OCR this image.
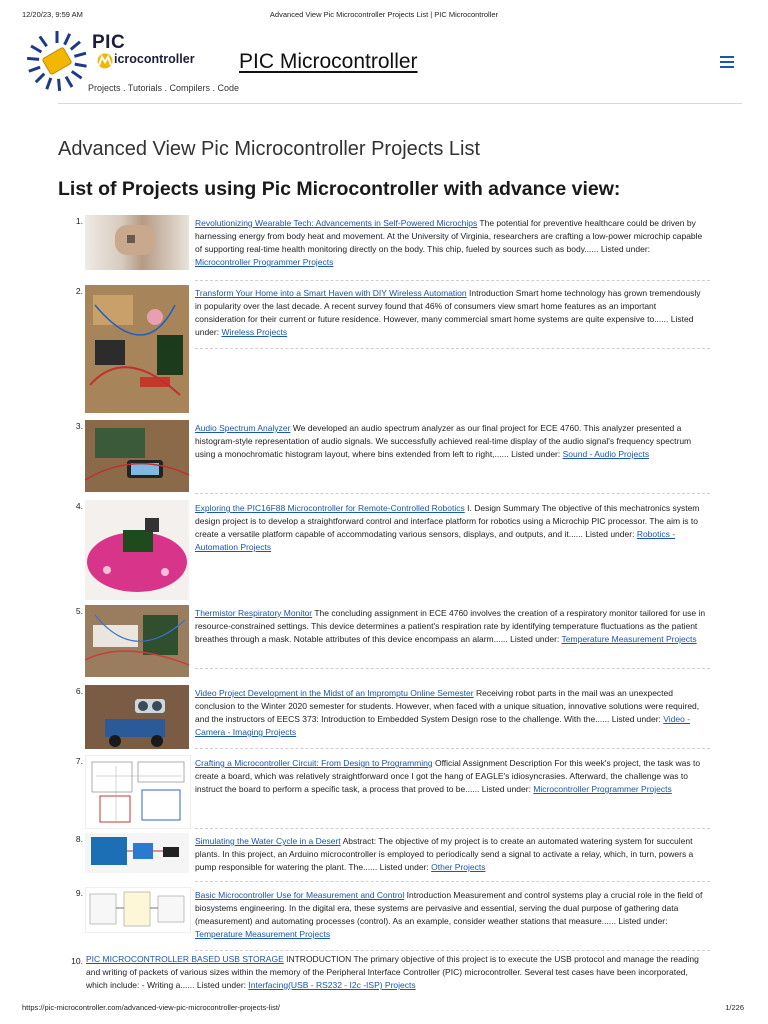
12/20/23, 9:59 AM	Advanced View Pic Microcontroller Projects List | PIC Microcontroller
PIC
icrocontroller
Projects . Tutorials . Compilers . Code
PIC Microcontroller
Advanced View Pic Microcontroller Projects List
List of Projects using Pic Microcontroller with advance view:
1.	Revolutionizing Wearable Tech: Advancements in Self-Powered Microchips The potential for preventive healthcare could be driven by harnessing energy from body heat and movement. At the University of Virginia, researchers are crafting a low-power microchip capable of supporting real-time health monitoring directly on the body. This chip, fueled by sources such as body...... Listed under: Microcontroller Programmer Projects
2.	Transform Your Home into a Smart Haven with DIY Wireless Automation Introduction Smart home technology has grown tremendously in popularity over the last decade. A recent survey found that 46% of consumers view smart home features as an important consideration for their current or future residence. However, many commercial smart home systems are quite expensive to...... Listed under: Wireless Projects
3.	Audio Spectrum Analyzer We developed an audio spectrum analyzer as our final project for ECE 4760. This analyzer presented a histogram-style representation of audio signals. We successfully achieved real-time display of the audio signal's frequency spectrum using a monochromatic histogram layout, where bins extended from left to right,...... Listed under: Sound - Audio Projects
4.	Exploring the PIC16F88 Microcontroller for Remote-Controlled Robotics I. Design Summary The objective of this mechatronics system design project is to develop a straightforward control and interface platform for robotics using a Microchip PIC processor. The aim is to create a versatile platform capable of accommodating various sensors, displays, and outputs, and it...... Listed under: Robotics - Automation Projects
5.	Thermistor Respiratory Monitor The concluding assignment in ECE 4760 involves the creation of a respiratory monitor tailored for use in resource-constrained settings. This device determines a patient's respiration rate by identifying temperature fluctuations as the patient breathes through a mask. Notable attributes of this device encompass an alarm...... Listed under: Temperature Measurement Projects
6.	Video Project Development in the Midst of an Impromptu Online Semester Receiving robot parts in the mail was an unexpected conclusion to the Winter 2020 semester for students. However, when faced with a unique situation, innovative solutions were required, and the instructors of EECS 373: Introduction to Embedded System Design rose to the challenge. With the...... Listed under: Video - Camera - Imaging Projects
7.	Crafting a Microcontroller Circuit: From Design to Programming Official Assignment Description For this week's project, the task was to create a board, which was relatively straightforward once I got the hang of EAGLE's idiosyncrasies. Afterward, the challenge was to instruct the board to perform a specific task, a process that proved to be...... Listed under: Microcontroller Programmer Projects
8.	Simulating the Water Cycle in a Desert Abstract: The objective of my project is to create an automated watering system for succulent plants. In this project, an Arduino microcontroller is employed to periodically send a signal to activate a relay, which, in turn, powers a pump responsible for watering the plant. The...... Listed under: Other Projects
9.	Basic Microcontroller Use for Measurement and Control Introduction Measurement and control systems play a crucial role in the field of biosystems engineering. In the digital era, these systems are pervasive and essential, serving the dual purpose of gathering data (measurement) and automating processes (control). As an example, consider weather stations that measure...... Listed under: Temperature Measurement Projects
10. PIC MICROCONTROLLER BASED USB STORAGE INTRODUCTION The primary objective of this project is to execute the USB protocol and manage the reading and writing of packets of various sizes within the memory of the Peripheral Interface Controller (PIC) microcontroller. Several test cases have been incorporated, which include: - Writing a...... Listed under: Interfacing(USB - RS232 - I2c -ISP) Projects
https://pic-microcontroller.com/advanced-view-pic-microcontroller-projects-list/	1/226
